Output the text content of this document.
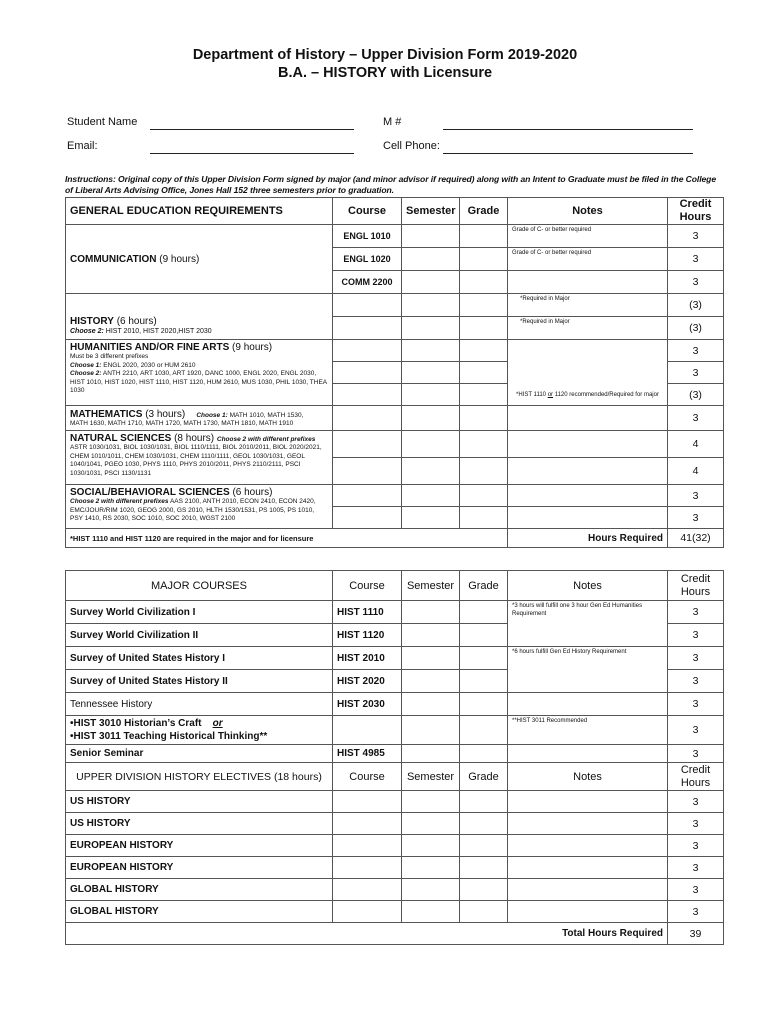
Department of History – Upper Division Form 2019-2020
B.A. – HISTORY with Licensure
Student Name	M #
Email:	Cell Phone:
Instructions: Original copy of this Upper Division Form signed by major (and minor advisor if required) along with an Intent to Graduate must be filed in the College of Liberal Arts Advising Office, Jones Hall 152 three semesters prior to graduation.
GENERAL EDUCATION REQUIREMENTS	Course	Semester	Grade	Notes	Credit
Hours
COMMUNICATION (9 hours)	ENGL 1010			Grade of C- or better required	3
	ENGL 1020			Grade of C- or better required	3
	COMM 2200				3

HISTORY (6 hours)
Choose 2: HIST 2010, HIST 2020,HIST 2030				*Required in Major	(3)
				*Required in Major	(3)

HUMANITIES AND/OR FINE ARTS (9 hours)
Must be 3 different prefixes
Choose 1: ENGL 2020, 2030 or HUM 2610
Choose 2: ANTH 2210, ART 1030, ART 1920, DANC 1000, ENGL 2020, ENGL 2030, HIST 1010, HIST 1020, HIST 1110, HIST 1120, HUM 2610, MUS 1030, PHIL 1030, THEA 1030				*HIST 1110 or 1120 recommended/Required for major	3
					3
					(3)

MATHEMATICS (3 hours) Choose 1: MATH 1010, MATH 1530,
MATH 1630, MATH 1710, MATH 1720, MATH 1730, MATH 1810, MATH 1910					3

NATURAL SCIENCES (8 hours) Choose 2 with different prefixes
ASTR 1030/1031, BIOL 1030/1031, BIOL 1110/1111, BIOL 2010/2011, BIOL 2020/2021, CHEM 1010/1011, CHEM 1030/1031, CHEM 1110/1111, GEOL 1030/1031, GEOL 1040/1041, PGEO 1030, PHYS 1110, PHYS 2010/2011, PHYS 2110/2111, PSCI 1030/1031, PSCI 1130/1131					4
					4

SOCIAL/BEHAVIORAL SCIENCES (6 hours)
Choose 2 with different prefixes AAS 2100, ANTH 2010, ECON 2410, ECON 2420, EMC/JOUR/RIM 1020, GEOG 2000, GS 2010, HLTH 1530/1531, PS 1005, PS 1010, PSY 1410, RS 2030, SOC 1010, SOC 2010, WGST 2100					3
					3
*HIST 1110 and HIST 1120 are required in the major and for licensure				Hours Required	41(32)
MAJOR COURSES	Course	Semester	Grade	Notes	Credit
Hours
Survey World Civilization I	HIST 1110			*3 hours will fulfill one 3 hour Gen Ed Humanities Requirement	3
Survey World Civilization II	HIST 1120				3
Survey of United States History I	HIST 2010			*6 hours fulfill Gen Ed History Requirement	3
Survey of United States History II	HIST 2020				3
Tennessee History	HIST 2030				3

•HIST 3010 Historian’s Craft or
•HIST 3011 Teaching Historical Thinking**				**HIST 3011 Recommended	3
Senior Seminar	HIST 4985				3
UPPER DIVISION HISTORY ELECTIVES (18 hours)	Course	Semester	Grade	Notes	Credit
Hours
US HISTORY					3
US HISTORY					3
EUROPEAN HISTORY					3
EUROPEAN HISTORY					3
GLOBAL HISTORY					3
GLOBAL HISTORY					3
Total Hours Required					39
